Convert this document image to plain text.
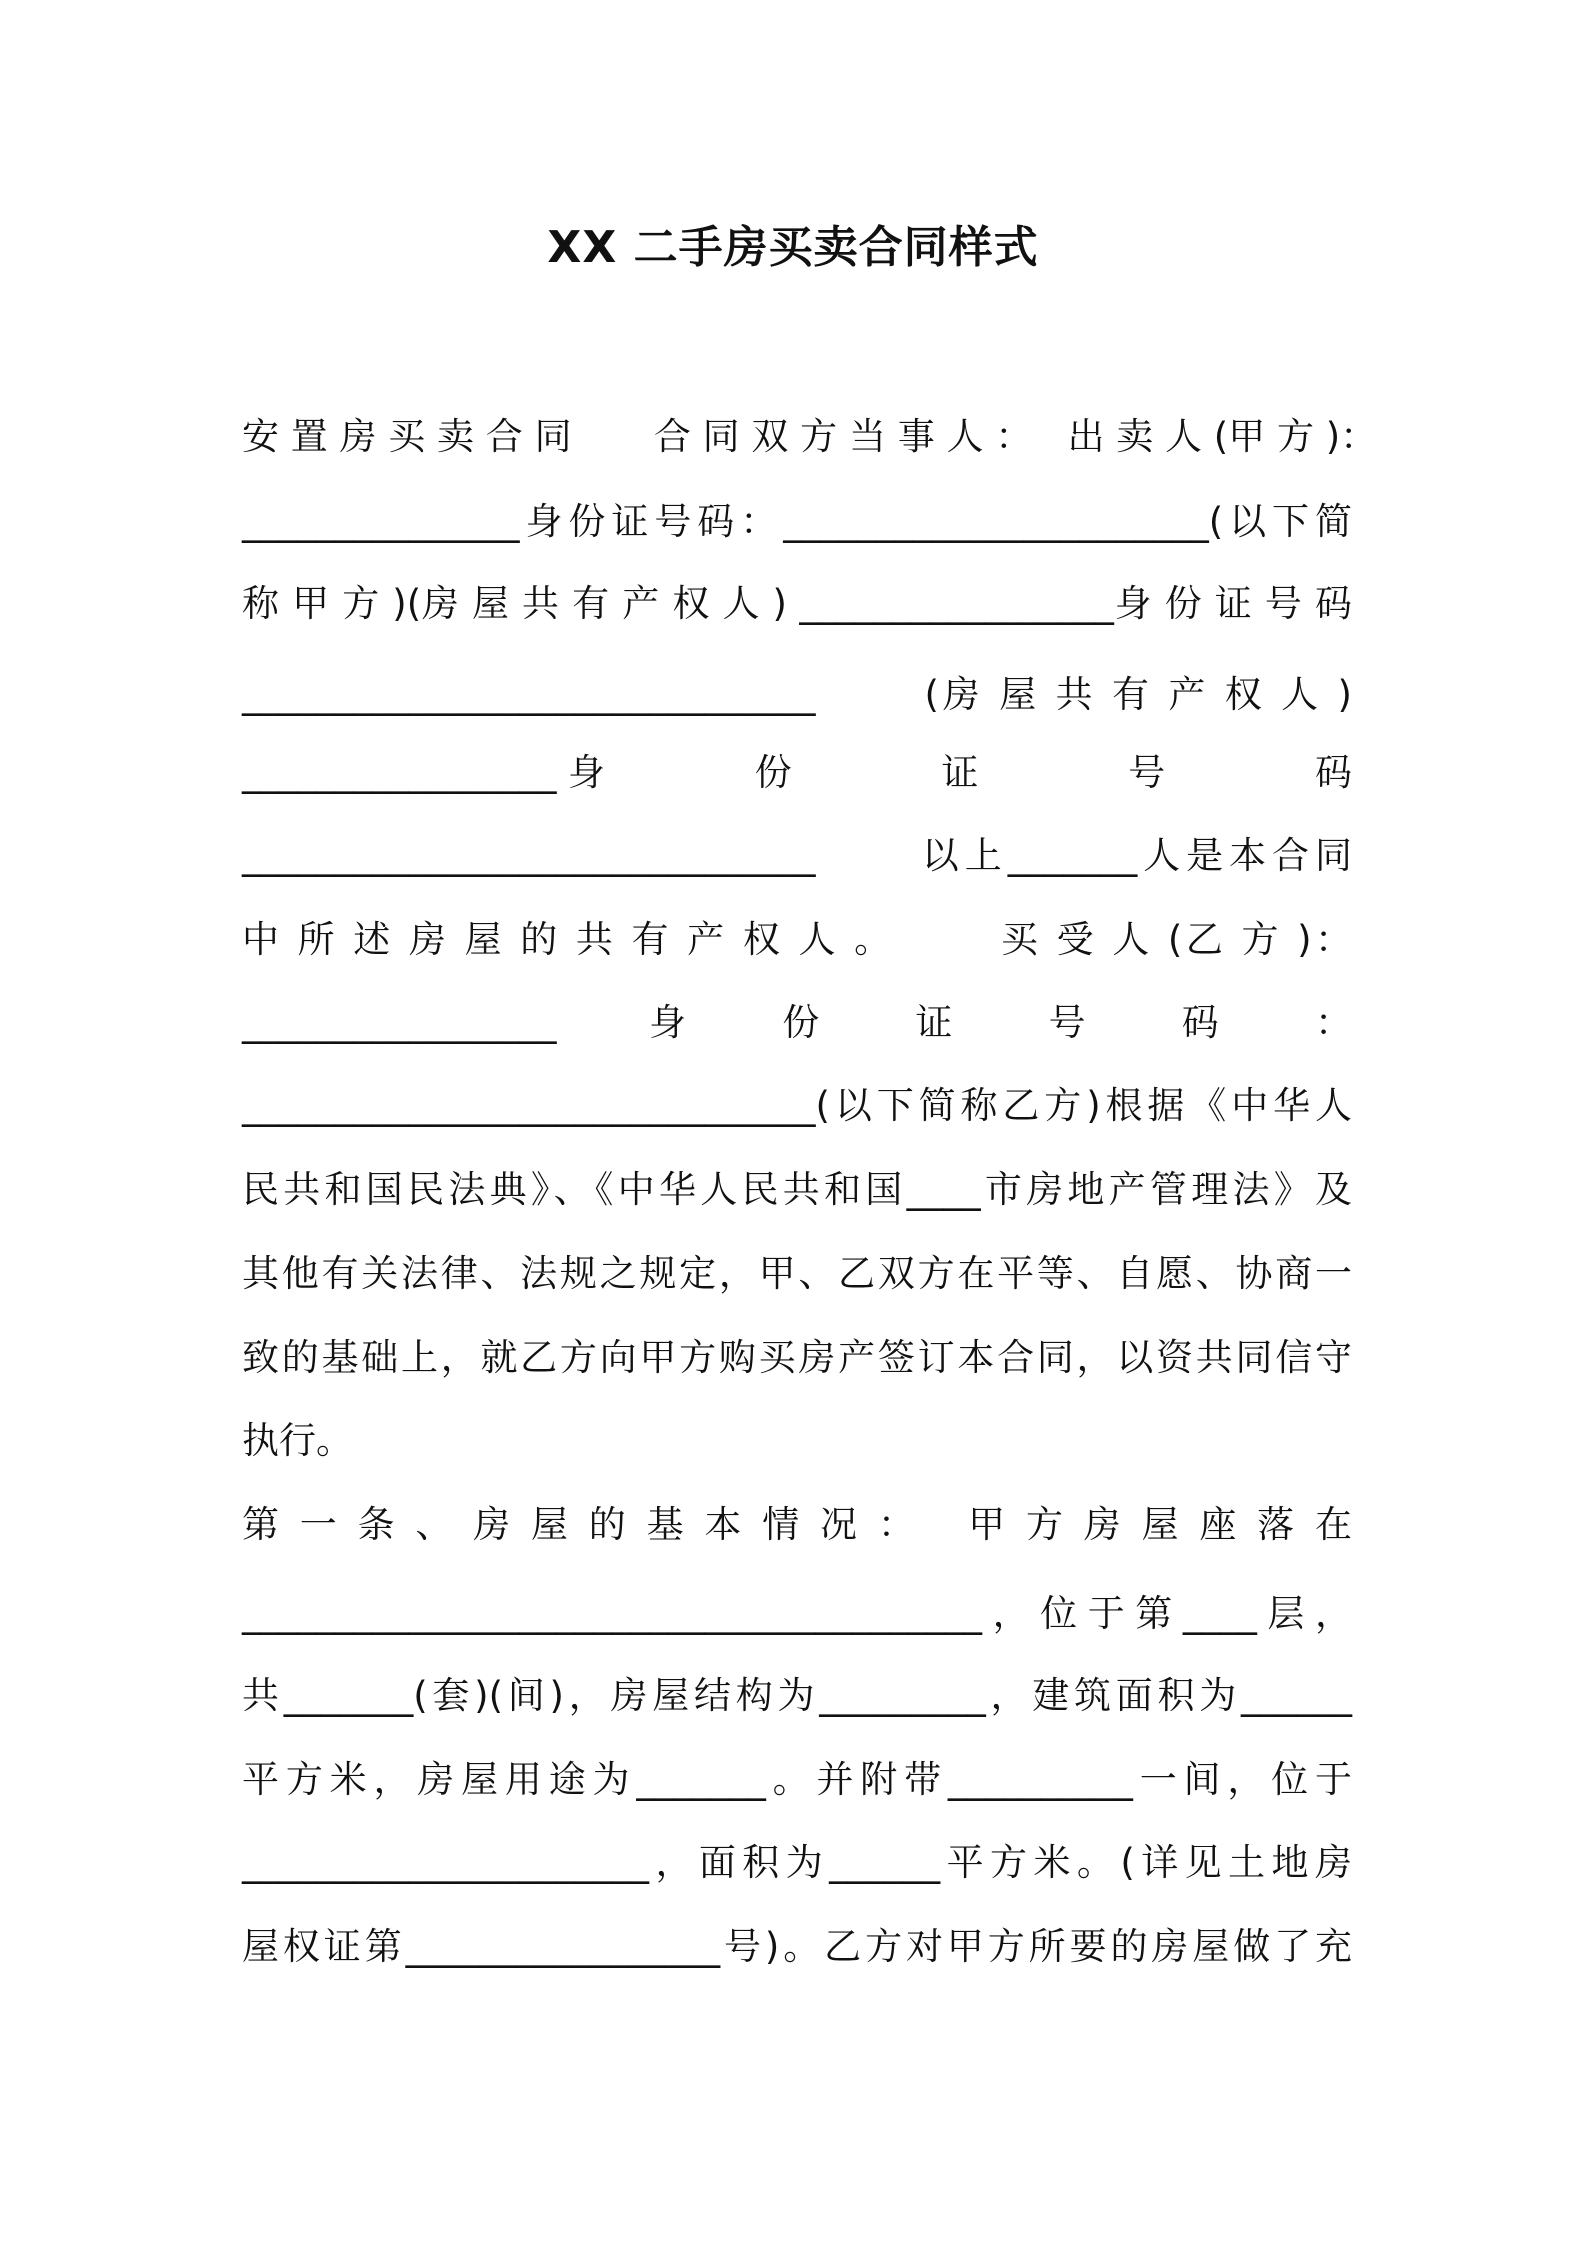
XX 二手房买卖合同样式

安 置 房 买 卖 合 同       合 同 双 方 当 事 人 ：   出 卖 人 (甲 方 )：

_______________身份证号码：_______________________(以下简

称 甲 方 )(房 屋 共 有 产 权 人 ) _________________身 份 证 号 码

_______________________________       (房 屋 共 有 产 权 人 )

_________________身      份      证      号      码

_______________________________      以上_______人是本合同

中 所 述 房 屋 的 共 有 产 权 人 。       买 受 人 (乙 方 )：

_________________      身      份      证      号      码      ：

_______________________________(以下简称乙方)根据《中华人

民共和国民法典》、《中华人民共和国____市房地产管理法》及

其他有关法律、法规之规定，甲、乙双方在平等、自愿、协商一

致的基础上，就乙方向甲方购买房产签订本合同，以资共同信守

执行。

第 一 条 、 房 屋 的 基 本 情 况 ：   甲 方 房 屋 座 落 在

________________________________________，位于第____层，

共_______(套)(间)，房屋结构为_________，建筑面积为______

平方米，房屋用途为_______。并附带__________一间，位于

______________________，面积为______平方米。(详见土地房

屋权证第_________________号)。乙方对甲方所要的房屋做了充
